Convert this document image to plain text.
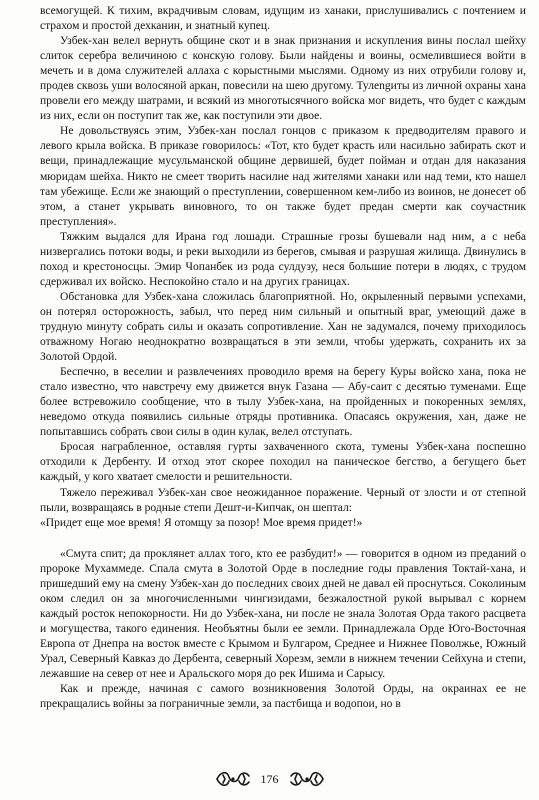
всемогущей. К тихим, вкрадчивым словам, идущим из ханаки, прислушивались с почтением и страхом и простой дехканин, и знатный купец.

Узбек-хан велел вернуть общине скот и в знак признания и искупления вины послал шейху слиток серебра величиною с конскую голову. Были найдены и воины, осмелившиеся войти в мечеть и в дома служителей аллаха с корыстными мыслями. Одному из них отрубили голову и, продев сквозь уши волосяной аркан, повесили на шею другому. Тулengиты из личной охраны хана провели его между шатрами, и всякий из многотысячного войска мог видеть, что будет с каждым из них, если он поступит так же, как поступили эти двое.

Не довольствуясь этим, Узбек-хан послал гонцов с приказом к предводителям правого и левого крыла войска. В приказе говорилось: «Тот, кто будет красть или насильно забирать скот и вещи, принадлежащие мусульманской общине дервишей, будет пойман и отдан для наказания мюридам шейха. Никто не смеет творить насилие над жителями ханаки или над теми, кто нашел там убежище. Если же знающий о преступлении, совершенном кем-либо из воинов, не донесет об этом, а станет укрывать виновного, то он также будет предан смерти как соучастник преступления».

Тяжким выдался для Ирана год лошади. Страшные грозы бушевали над ним, а с неба низвергались потоки воды, и реки выходили из берегов, смывая и разрушая жилища. Двинулись в поход и крестоносцы. Эмир Чопанбек из рода сулдузу, неся большие потери в людях, с трудом сдерживал их войско. Неспокойно стало и на других границах.

Обстановка для Узбек-хана сложилась благоприятной. Но, окрыленный первыми успехами, он потерял осторожность, забыл, что перед ним сильный и опытный враг, умеющий даже в трудную минуту собрать силы и оказать сопротивление. Хан не задумался, почему приходилось отважному Ногаю неоднократно возвращаться в эти земли, чтобы удержать, сохранить их за Золотой Ордой.

Беспечно, в веселии и развлечениях проводило время на берегу Куры войско хана, пока не стало известно, что навстречу ему движется внук Газана — Абу-саит с десятью туменами. Еще более встревожило сообщение, что в тылу Узбек-хана, на пройденных и покоренных землях, неведомо откуда появились сильные отряды противника. Опасаясь окружения, хан, даже не попытавшись собрать свои силы в один кулак, велел отступать.

Бросая награбленное, оставляя гурты захваченного скота, тумены Узбек-хана поспешно отходили к Дербенту. И отход этот скорее походил на паническое бегство, а бегущего бьет каждый, у кого хватает смелости и решительности.

Тяжело переживал Узбек-хан свое неожиданное поражение. Черный от злости и от степной пыли, возвращаясь в родные степи Дешт-и-Кипчак, он шептал:

«Придет еще мое время! Я отомщу за позор! Мое время придет!»

«Смута спит; да проклянет аллах того, кто ее разбудит!» — говорится в одном из преданий о пророке Мухаммеде. Спала смута в Золотой Орде в последние годы правления Токтай-хана, и пришедший ему на смену Узбек-хан до последних своих дней не давал ей проснуться. Соколиным оком следил он за многочисленными чингизидами, безжалостной рукой вырывал с корнем каждый росток непокорности. Ни до Узбек-хана, ни после не знала Золотая Орда такого расцвета и могущества, такого единения. Необъятны были ее земли. Принадлежала Орде Юго-Восточная Европа от Днепра на восток вместе с Крымом и Булгаром, Среднее и Нижнее Поволжье, Южный Урал, Северный Кавказ до Дербента, северный Хорезм, земли в нижнем течении Сейхуна и степи, лежавшие на север от нее и Аральского моря до рек Ишима и Сарысу.

Как и прежде, начиная с самого возникновения Золотой Орды, на окраинах ее не прекращались войны за пограничные земли, за пастбища и водопои, но в

176
